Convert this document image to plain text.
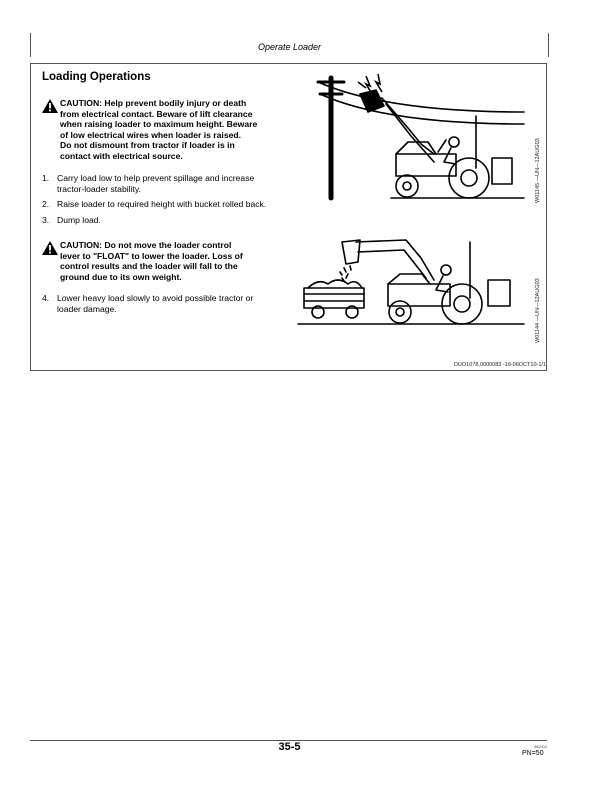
Operate Loader
Loading Operations
CAUTION: Help prevent bodily injury or death
from electrical contact. Beware of lift clearance
when raising loader to maximum height. Beware
of low electrical wires when loader is raised.
Do not dismount from tractor if loader is in
contact with electrical source.
1. Carry load low to help prevent spillage and increase
tractor-loader stability.
2. Raise loader to required height with bucket rolled back.
3. Dump load.
CAUTION: Do not move the loader control
lever to "FLOAT" to lower the loader. Loss of
control results and the loader will fall to the
ground due to its own weight.
4. Lower heavy load slowly to avoid possible tractor or
loader damage.
W01145 —UN—12AUG03
W01144 —UN—12AUG03
OUO1078,0000083 -19-06OCT10-1/1
35-5	082412
PN=50
